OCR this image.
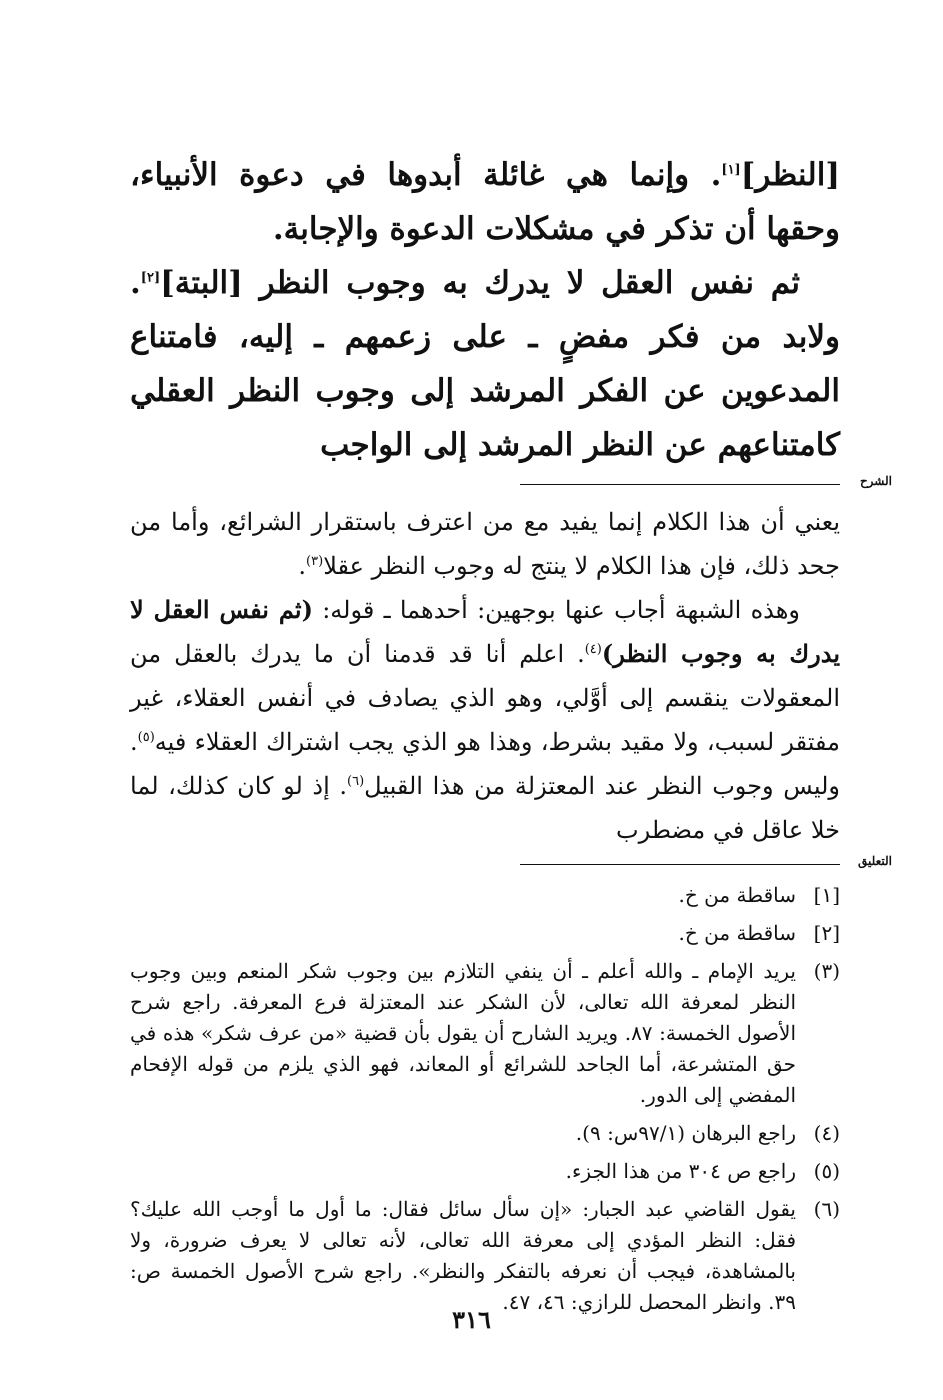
[النظر][١]. وإنما هي غائلة أبدوها في دعوة الأنبياء، وحقها أن تذكر في مشكلات الدعوة والإجابة.

ثم نفس العقل لا يدرك به وجوب النظر [البتة][٢]. ولابد من فكر مفضٍ ـ على زعمهم ـ إليه، فامتناع المدعوين عن الفكر المرشد إلى وجوب النظر العقلي كامتناعهم عن النظر المرشد إلى الواجب

الشرح

يعني أن هذا الكلام إنما يفيد مع من اعترف باستقرار الشرائع، وأما من جحد ذلك، فإن هذا الكلام لا ينتج له وجوب النظر عقلا$^{(٣)}$.

وهذه الشبهة أجاب عنها بوجهين: أحدهما ـ قوله: (ثم نفس العقل لا يدرك به وجوب النظر)$^{(٤)}$. اعلم أنا قد قدمنا أن ما يدرك بالعقل من المعقولات ينقسم إلى أوَّلي، وهو الذي يصادف في أنفس العقلاء، غير مفتقر لسبب، ولا مقيد بشرط، وهذا هو الذي يجب اشتراك العقلاء فيه$^{(٥)}$. وليس وجوب النظر عند المعتزلة من هذا القبيل$^{(٦)}$. إذ لو كان كذلك، لما خلا عاقل في مضطرب

التعليق
[١]
ساقطة من خ.
[٢]
ساقطة من خ.
(٣)
يريد الإمام ـ والله أعلم ـ أن ينفي التلازم بين وجوب شكر المنعم وبين وجوب النظر لمعرفة الله تعالى، لأن الشكر عند المعتزلة فرع المعرفة. راجع شرح الأصول الخمسة: ٨٧. ويريد الشارح أن يقول بأن قضية «من عرف شكر» هذه في حق المتشرعة، أما الجاحد للشرائع أو المعاند، فهو الذي يلزم من قوله الإفحام المفضي إلى الدور.
(٤)
راجع البرهان (٩٧/١س: ٩).
(٥)
راجع ص ٣٠٤ من هذا الجزء.
(٦)
يقول القاضي عبد الجبار: «إن سأل سائل فقال: ما أول ما أوجب الله عليك؟ فقل: النظر المؤدي إلى معرفة الله تعالى، لأنه تعالى لا يعرف ضرورة، ولا بالمشاهدة، فيجب أن نعرفه بالتفكر والنظر». راجع شرح الأصول الخمسة ص: ٣٩. وانظر المحصل للرازي: ٤٦، ٤٧.
٣١٦
